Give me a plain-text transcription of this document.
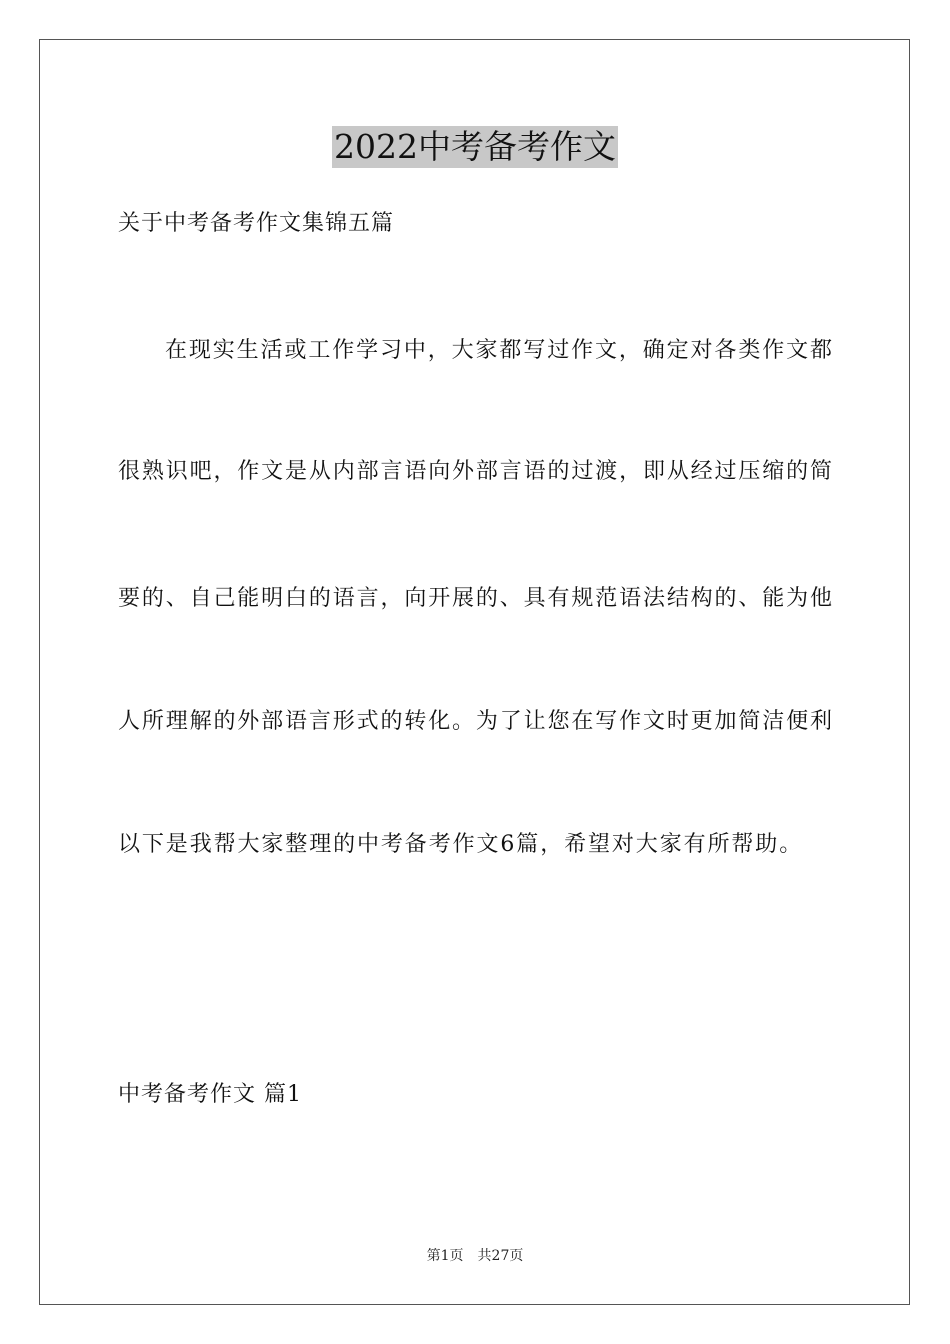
2022中考备考作文

关于中考备考作文集锦五篇

在现实生活或工作学习中，大家都写过作文，确定对各类作文都

很熟识吧，作文是从内部言语向外部言语的过渡，即从经过压缩的简

要的、自己能明白的语言，向开展的、具有规范语法结构的、能为他

人所理解的外部语言形式的转化。为了让您在写作文时更加简洁便利

以下是我帮大家整理的中考备考作文6篇，希望对大家有所帮助。

中考备考作文 篇1

第1页 共27页
